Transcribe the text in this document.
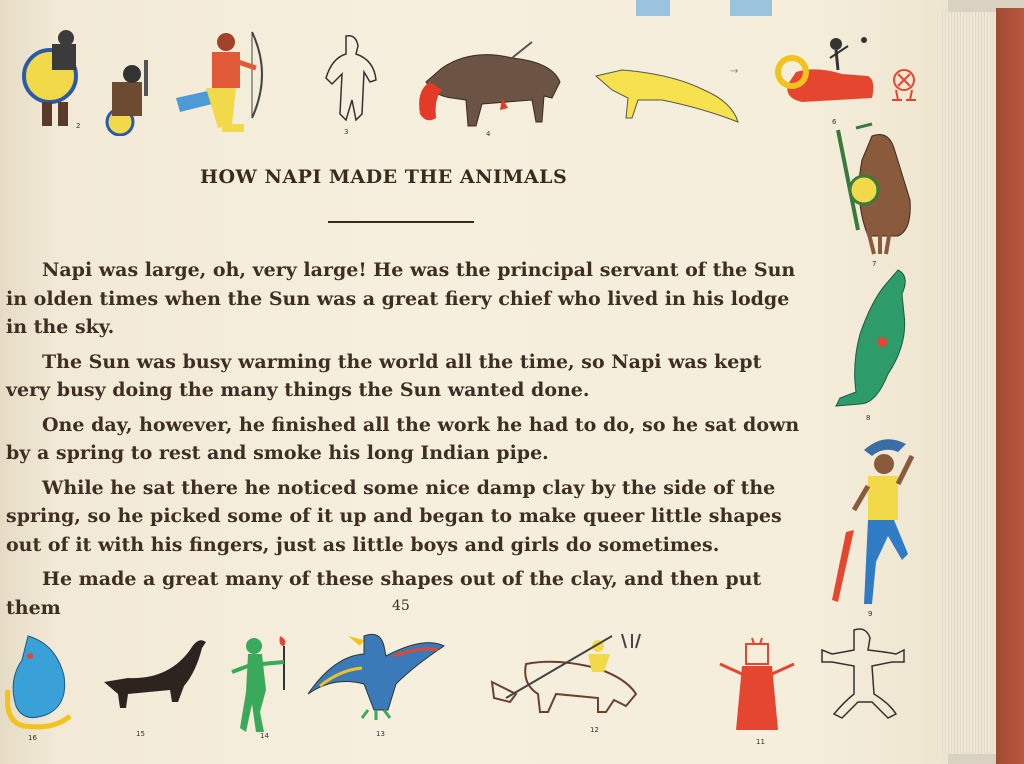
2
3	4
→
6
7
8
9
HOW NAPI MADE THE ANIMALS

Napi was large, oh, very large! He was the principal servant of the Sun in olden times when the Sun was a great fiery chief who lived in his lodge in the sky.

The Sun was busy warming the world all the time, so Napi was kept very busy doing the many things the Sun wanted done.

One day, however, he finished all the work he had to do, so he sat down by a spring to rest and smoke his long Indian pipe.

While he sat there he noticed some nice damp clay by the side of the spring, so he picked some of it up and began to make queer little shapes out of it with his fingers, just as little boys and girls do sometimes.

He made a great many of these shapes out of the clay, and then put them	45
16	15	14	13	12
11
